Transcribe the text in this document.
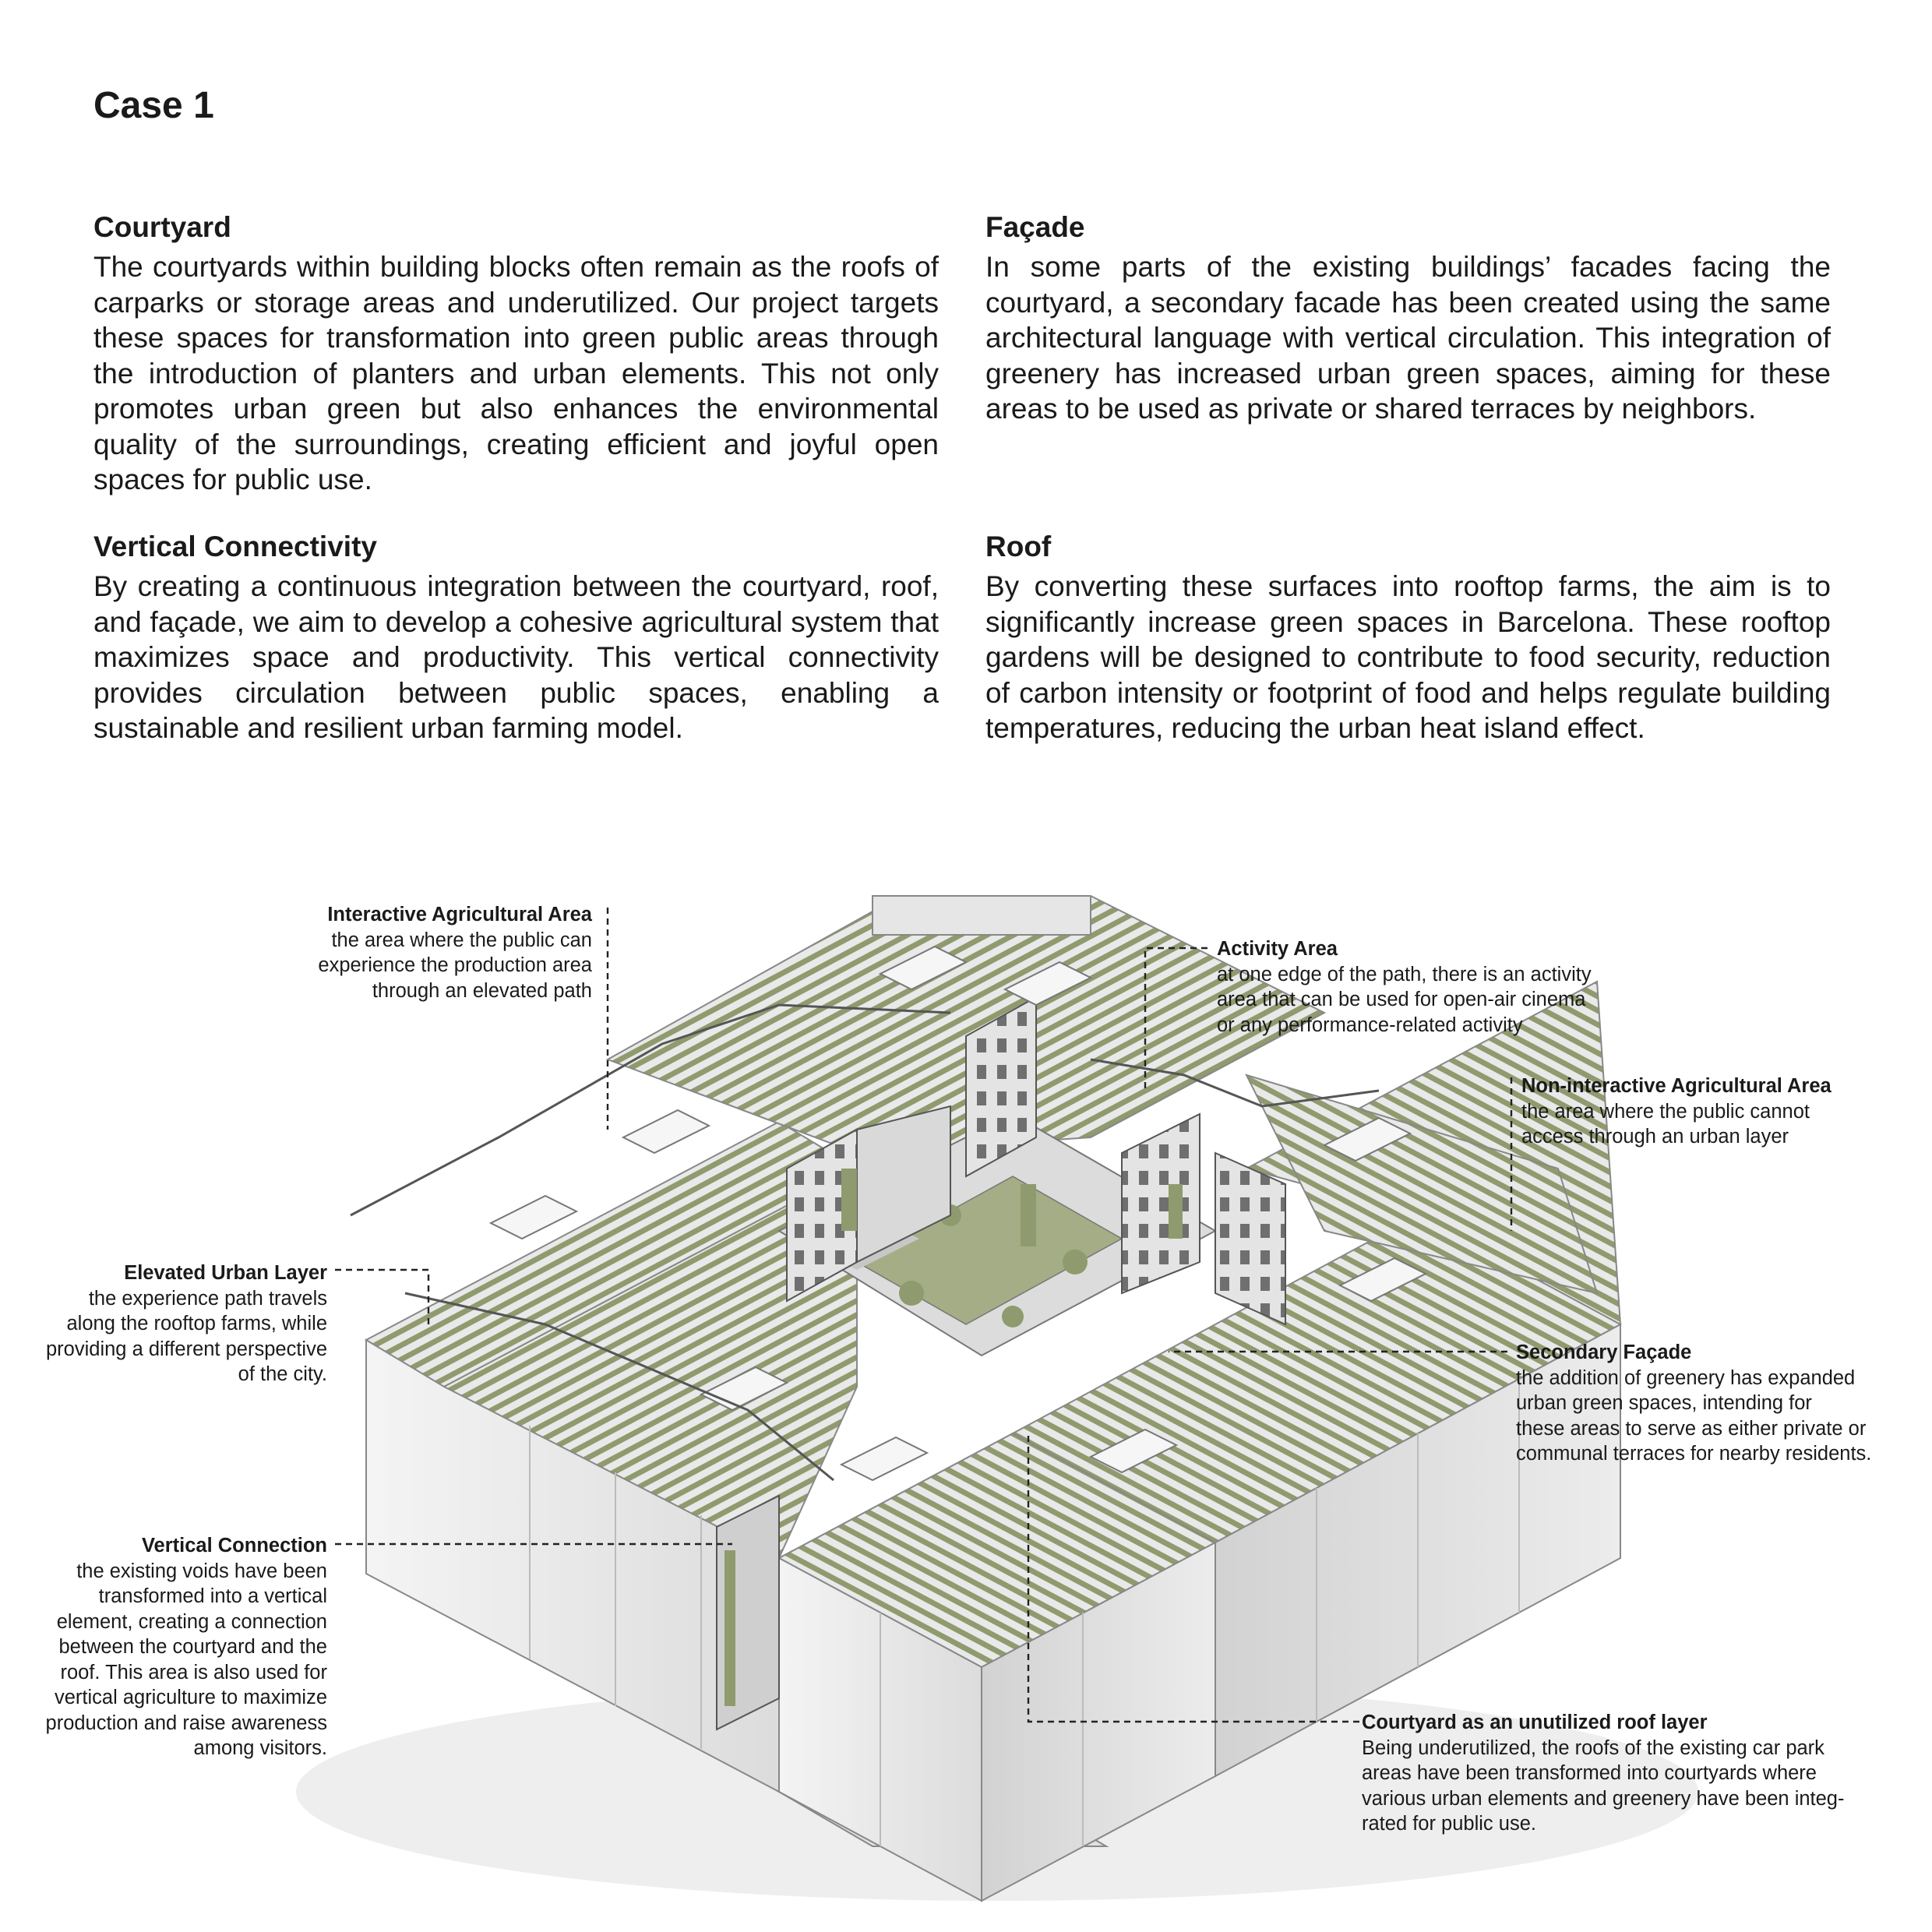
Case 1
Courtyard

The courtyards within building blocks often remain as the roofs of carparks or storage areas and underutilized. Our project targets these spaces for transformation into green public areas through the introduction of planters and urban elements. This not only promotes urban green but also enhances the environmental quality of the surroundings, creating efficient and joyful open spaces for public use.

Façade

In some parts of the existing buildings’ facades facing the courtyard, a secondary facade has been created using the same architectural language with vertical circulation. This integration of greenery has increased urban green spaces, aiming for these areas to be used as private or shared terraces by neighbors.

Vertical Connectivity

By creating a continuous integration between the courtyard, roof, and façade, we aim to develop a cohesive agricultural system that maximizes space and productivity. This vertical connectivity provides circulation between public spaces, enabling a sustainable and resilient urban farming model.

Roof

By converting these surfaces into rooftop farms, the aim is to significantly increase green spaces in Barcelona. These rooftop gardens will be designed to contribute to food security, reduction of carbon intensity or footprint of food and helps regulate building temperatures, reducing the urban heat island effect.

Interactive Agricultural Area
the area where the public can
experience the production area
through an elevated path
Activity Area
at one edge of the path, there is an activity
area that can be used for open-air cinema
or any performance-related activity
Non-interactive Agricultural Area
the area where the public cannot
access through an urban layer
Elevated Urban Layer
the experience path travels
along the rooftop farms, while
providing a different perspective
of the city.
Secondary Façade
the addition of greenery has expanded
urban green spaces, intending for
these areas to serve as either private or
communal terraces for nearby residents.
Vertical Connection
the existing voids have been
transformed into a vertical
element, creating a connection
between the courtyard and the
roof. This area is also used for
vertical agriculture to maximize
production and raise awareness
among visitors.
Courtyard as an unutilized roof layer
Being underutilized, the roofs of the existing car park
areas have been transformed into courtyards where
various urban elements and greenery have been integ-
rated for public use.
